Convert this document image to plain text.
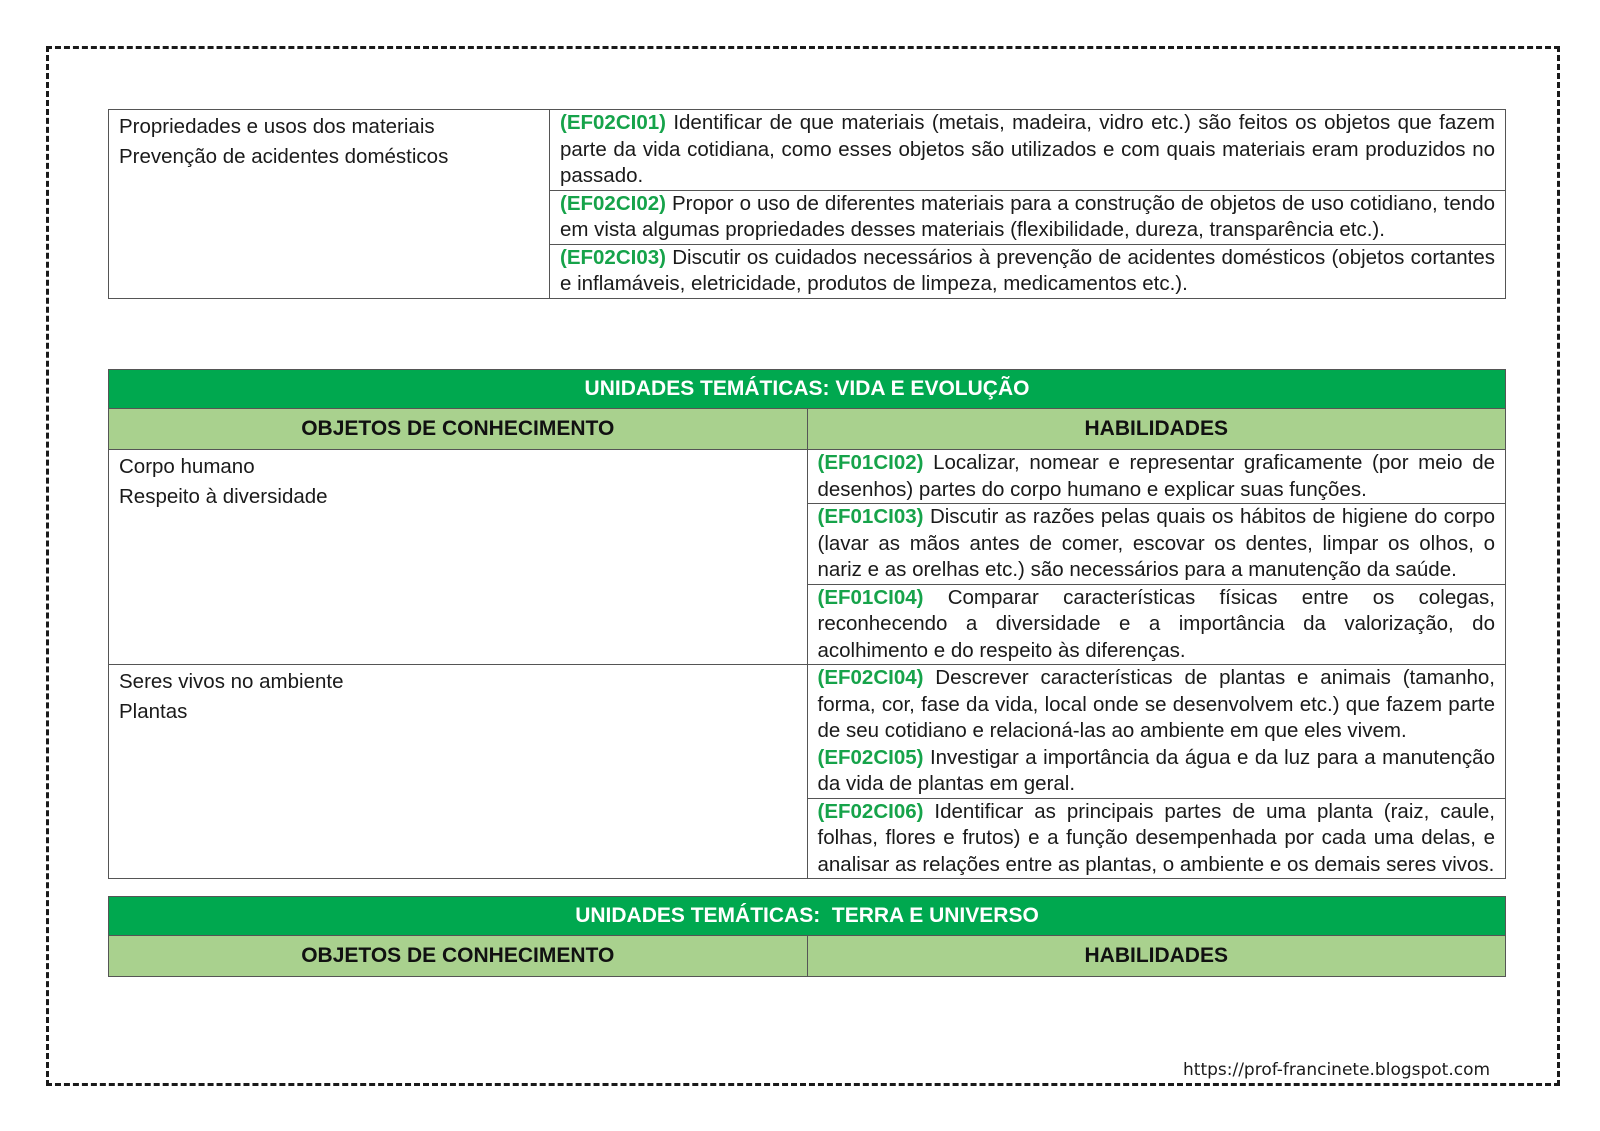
Propriedades e usos dos materiais
Prevenção de acidentes domésticos
	(EF02CI01) Identificar de que materiais (metais, madeira, vidro etc.) são feitos os objetos que fazem parte da vida cotidiana, como esses objetos são utilizados e com quais materiais eram produzidos no passado.
(EF02CI02) Propor o uso de diferentes materiais para a construção de objetos de uso cotidiano, tendo em vista algumas propriedades desses materiais (flexibilidade, dureza, transparência etc.).
(EF02CI03) Discutir os cuidados necessários à prevenção de acidentes domésticos (objetos cortantes e inflamáveis, eletricidade, produtos de limpeza, medicamentos etc.).
UNIDADES TEMÁTICAS: VIDA E EVOLUÇÃO	
OBJETOS DE CONHECIMENTO	HABILIDADES

Corpo humano
Respeito à diversidade	(EF01CI02) Localizar, nomear e representar graficamente (por meio de desenhos) partes do corpo humano e explicar suas funções.
	(EF01CI03) Discutir as razões pelas quais os hábitos de higiene do corpo (lavar as mãos antes de comer, escovar os dentes, limpar os olhos, o nariz e as orelhas etc.) são necessários para a manutenção da saúde.
	(EF01CI04) Comparar características físicas entre os colegas, reconhecendo a diversidade e a importância da valorização, do acolhimento e do respeito às diferenças.

Seres vivos no ambiente
Plantas	(EF02CI04) Descrever características de plantas e animais (tamanho, forma, cor, fase da vida, local onde se desenvolvem etc.) que fazem parte de seu cotidiano e relacioná-las ao ambiente em que eles vivem.
(EF02CI05) Investigar a importância da água e da luz para a manutenção da vida de plantas em geral.
	(EF02CI06) Identificar as principais partes de uma planta (raiz, caule, folhas, flores e frutos) e a função desempenhada por cada uma delas, e analisar as relações entre as plantas, o ambiente e os demais seres vivos.
UNIDADES TEMÁTICAS:  TERRA E UNIVERSO
OBJETOS DE CONHECIMENTO	HABILIDADES
https://prof-francinete.blogspot.com
